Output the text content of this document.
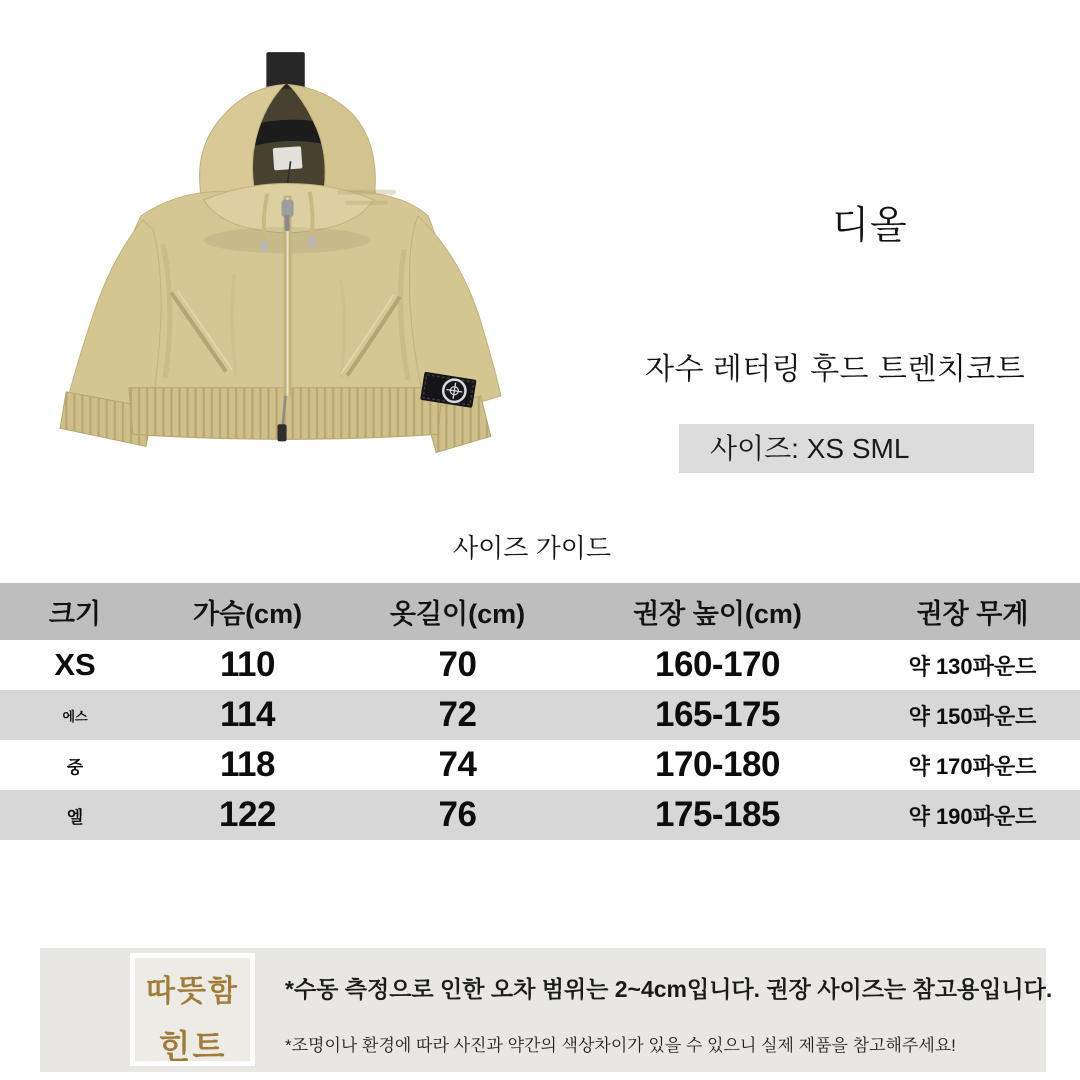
디올
자수 레터링 후드 트렌치코트
사이즈: XS SML
사이즈 가이드
크기	가슴(cm)	옷길이(cm)	권장 높이(cm)	권장 무게
XS	110	70	160-170	약 130파운드
에스	114	72	165-175	약 150파운드
중	118	74	170-180	약 170파운드
엘	122	76	175-185	약 190파운드
따뜻함
힌트
*수동 측정으로 인한 오차 범위는 2~4cm입니다. 권장 사이즈는 참고용입니다.
*조명이나 환경에 따라 사진과 약간의 색상차이가 있을 수 있으니 실제 제품을 참고해주세요!
